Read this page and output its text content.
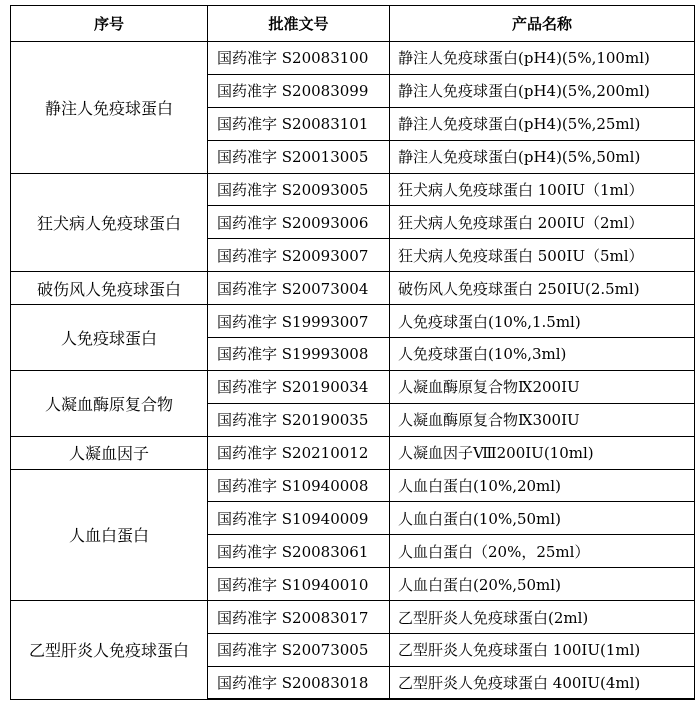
序号	批准文号	产品名称
静注人免疫球蛋白	国药准字 S20083100	静注人免疫球蛋白(pH4)(5%,100ml)
	国药准字 S20083099	静注人免疫球蛋白(pH4)(5%,200ml)
	国药准字 S20083101	静注人免疫球蛋白(pH4)(5%,25ml)
	国药准字 S20013005	静注人免疫球蛋白(pH4)(5%,50ml)
狂犬病人免疫球蛋白	国药准字 S20093005	狂犬病人免疫球蛋白 100IU（1ml）
	国药准字 S20093006	狂犬病人免疫球蛋白 200IU（2ml）
	国药准字 S20093007	狂犬病人免疫球蛋白 500IU（5ml）
破伤风人免疫球蛋白	国药准字 S20073004	破伤风人免疫球蛋白 250IU(2.5ml)
人免疫球蛋白	国药准字 S19993007	人免疫球蛋白(10%,1.5ml)
	国药准字 S19993008	人免疫球蛋白(10%,3ml)
人凝血酶原复合物	国药准字 S20190034	人凝血酶原复合物Ⅸ200IU
	国药准字 S20190035	人凝血酶原复合物Ⅸ300IU
人凝血因子	国药准字 S20210012	人凝血因子Ⅷ200IU(10ml)
人血白蛋白	国药准字 S10940008	人血白蛋白(10%,20ml)
	国药准字 S10940009	人血白蛋白(10%,50ml)
	国药准字 S20083061	人血白蛋白（20%，25ml）
	国药准字 S10940010	人血白蛋白(20%,50ml)
乙型肝炎人免疫球蛋白	国药准字 S20083017	乙型肝炎人免疫球蛋白(2ml)
	国药准字 S20073005	乙型肝炎人免疫球蛋白 100IU(1ml)
	国药准字 S20083018	乙型肝炎人免疫球蛋白 400IU(4ml)
